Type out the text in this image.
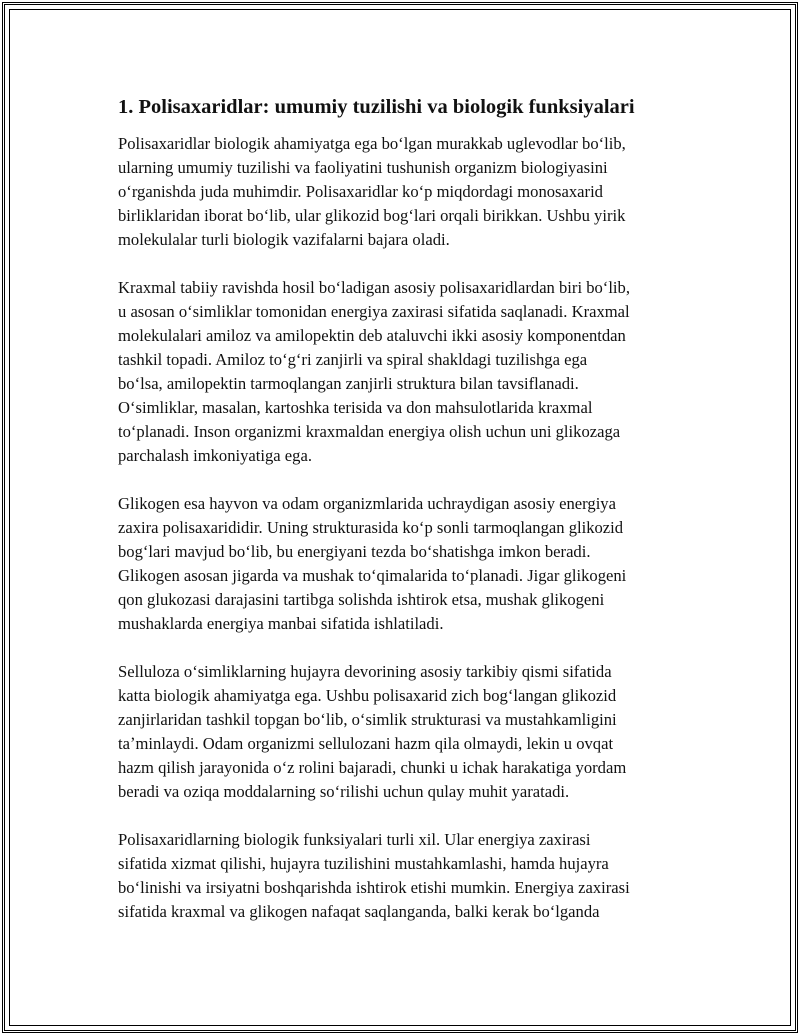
1. Polisaxaridlar: umumiy tuzilishi va biologik funksiyalari

Polisaxaridlar biologik ahamiyatga ega boʻlgan murakkab uglevodlar boʻlib,
ularning umumiy tuzilishi va faoliyatini tushunish organizm biologiyasini
oʻrganishda juda muhimdir. Polisaxaridlar koʻp miqdordagi monosaxarid
birliklaridan iborat boʻlib, ular glikozid bogʻlari orqali birikkan. Ushbu yirik
molekulalar turli biologik vazifalarni bajara oladi.

Kraxmal tabiiy ravishda hosil boʻladigan asosiy polisaxaridlardan biri boʻlib,
u asosan oʻsimliklar tomonidan energiya zaxirasi sifatida saqlanadi. Kraxmal
molekulalari amiloz va amilopektin deb ataluvchi ikki asosiy komponentdan
tashkil topadi. Amiloz toʻgʻri zanjirli va spiral shakldagi tuzilishga ega
boʻlsa, amilopektin tarmoqlangan zanjirli struktura bilan tavsiflanadi.
Oʻsimliklar, masalan, kartoshka terisida va don mahsulotlarida kraxmal
toʻplanadi. Inson organizmi kraxmaldan energiya olish uchun uni glikozaga
parchalash imkoniyatiga ega.

Glikogen esa hayvon va odam organizmlarida uchraydigan asosiy energiya
zaxira polisaxarididir. Uning strukturasida koʻp sonli tarmoqlangan glikozid
bogʻlari mavjud boʻlib, bu energiyani tezda boʻshatishga imkon beradi.
Glikogen asosan jigarda va mushak toʻqimalarida toʻplanadi. Jigar glikogeni
qon glukozasi darajasini tartibga solishda ishtirok etsa, mushak glikogeni
mushaklarda energiya manbai sifatida ishlatiladi.

Selluloza oʻsimliklarning hujayra devorining asosiy tarkibiy qismi sifatida
katta biologik ahamiyatga ega. Ushbu polisaxarid zich bogʻlangan glikozid
zanjirlaridan tashkil topgan boʻlib, oʻsimlik strukturasi va mustahkamligini
taʼminlaydi. Odam organizmi sellulozani hazm qila olmaydi, lekin u ovqat
hazm qilish jarayonida oʻz rolini bajaradi, chunki u ichak harakatiga yordam
beradi va oziqa moddalarning soʻrilishi uchun qulay muhit yaratadi.

Polisaxaridlarning biologik funksiyalari turli xil. Ular energiya zaxirasi
sifatida xizmat qilishi, hujayra tuzilishini mustahkamlashi, hamda hujayra
boʻlinishi va irsiyatni boshqarishda ishtirok etishi mumkin. Energiya zaxirasi
sifatida kraxmal va glikogen nafaqat saqlanganda, balki kerak boʻlganda
